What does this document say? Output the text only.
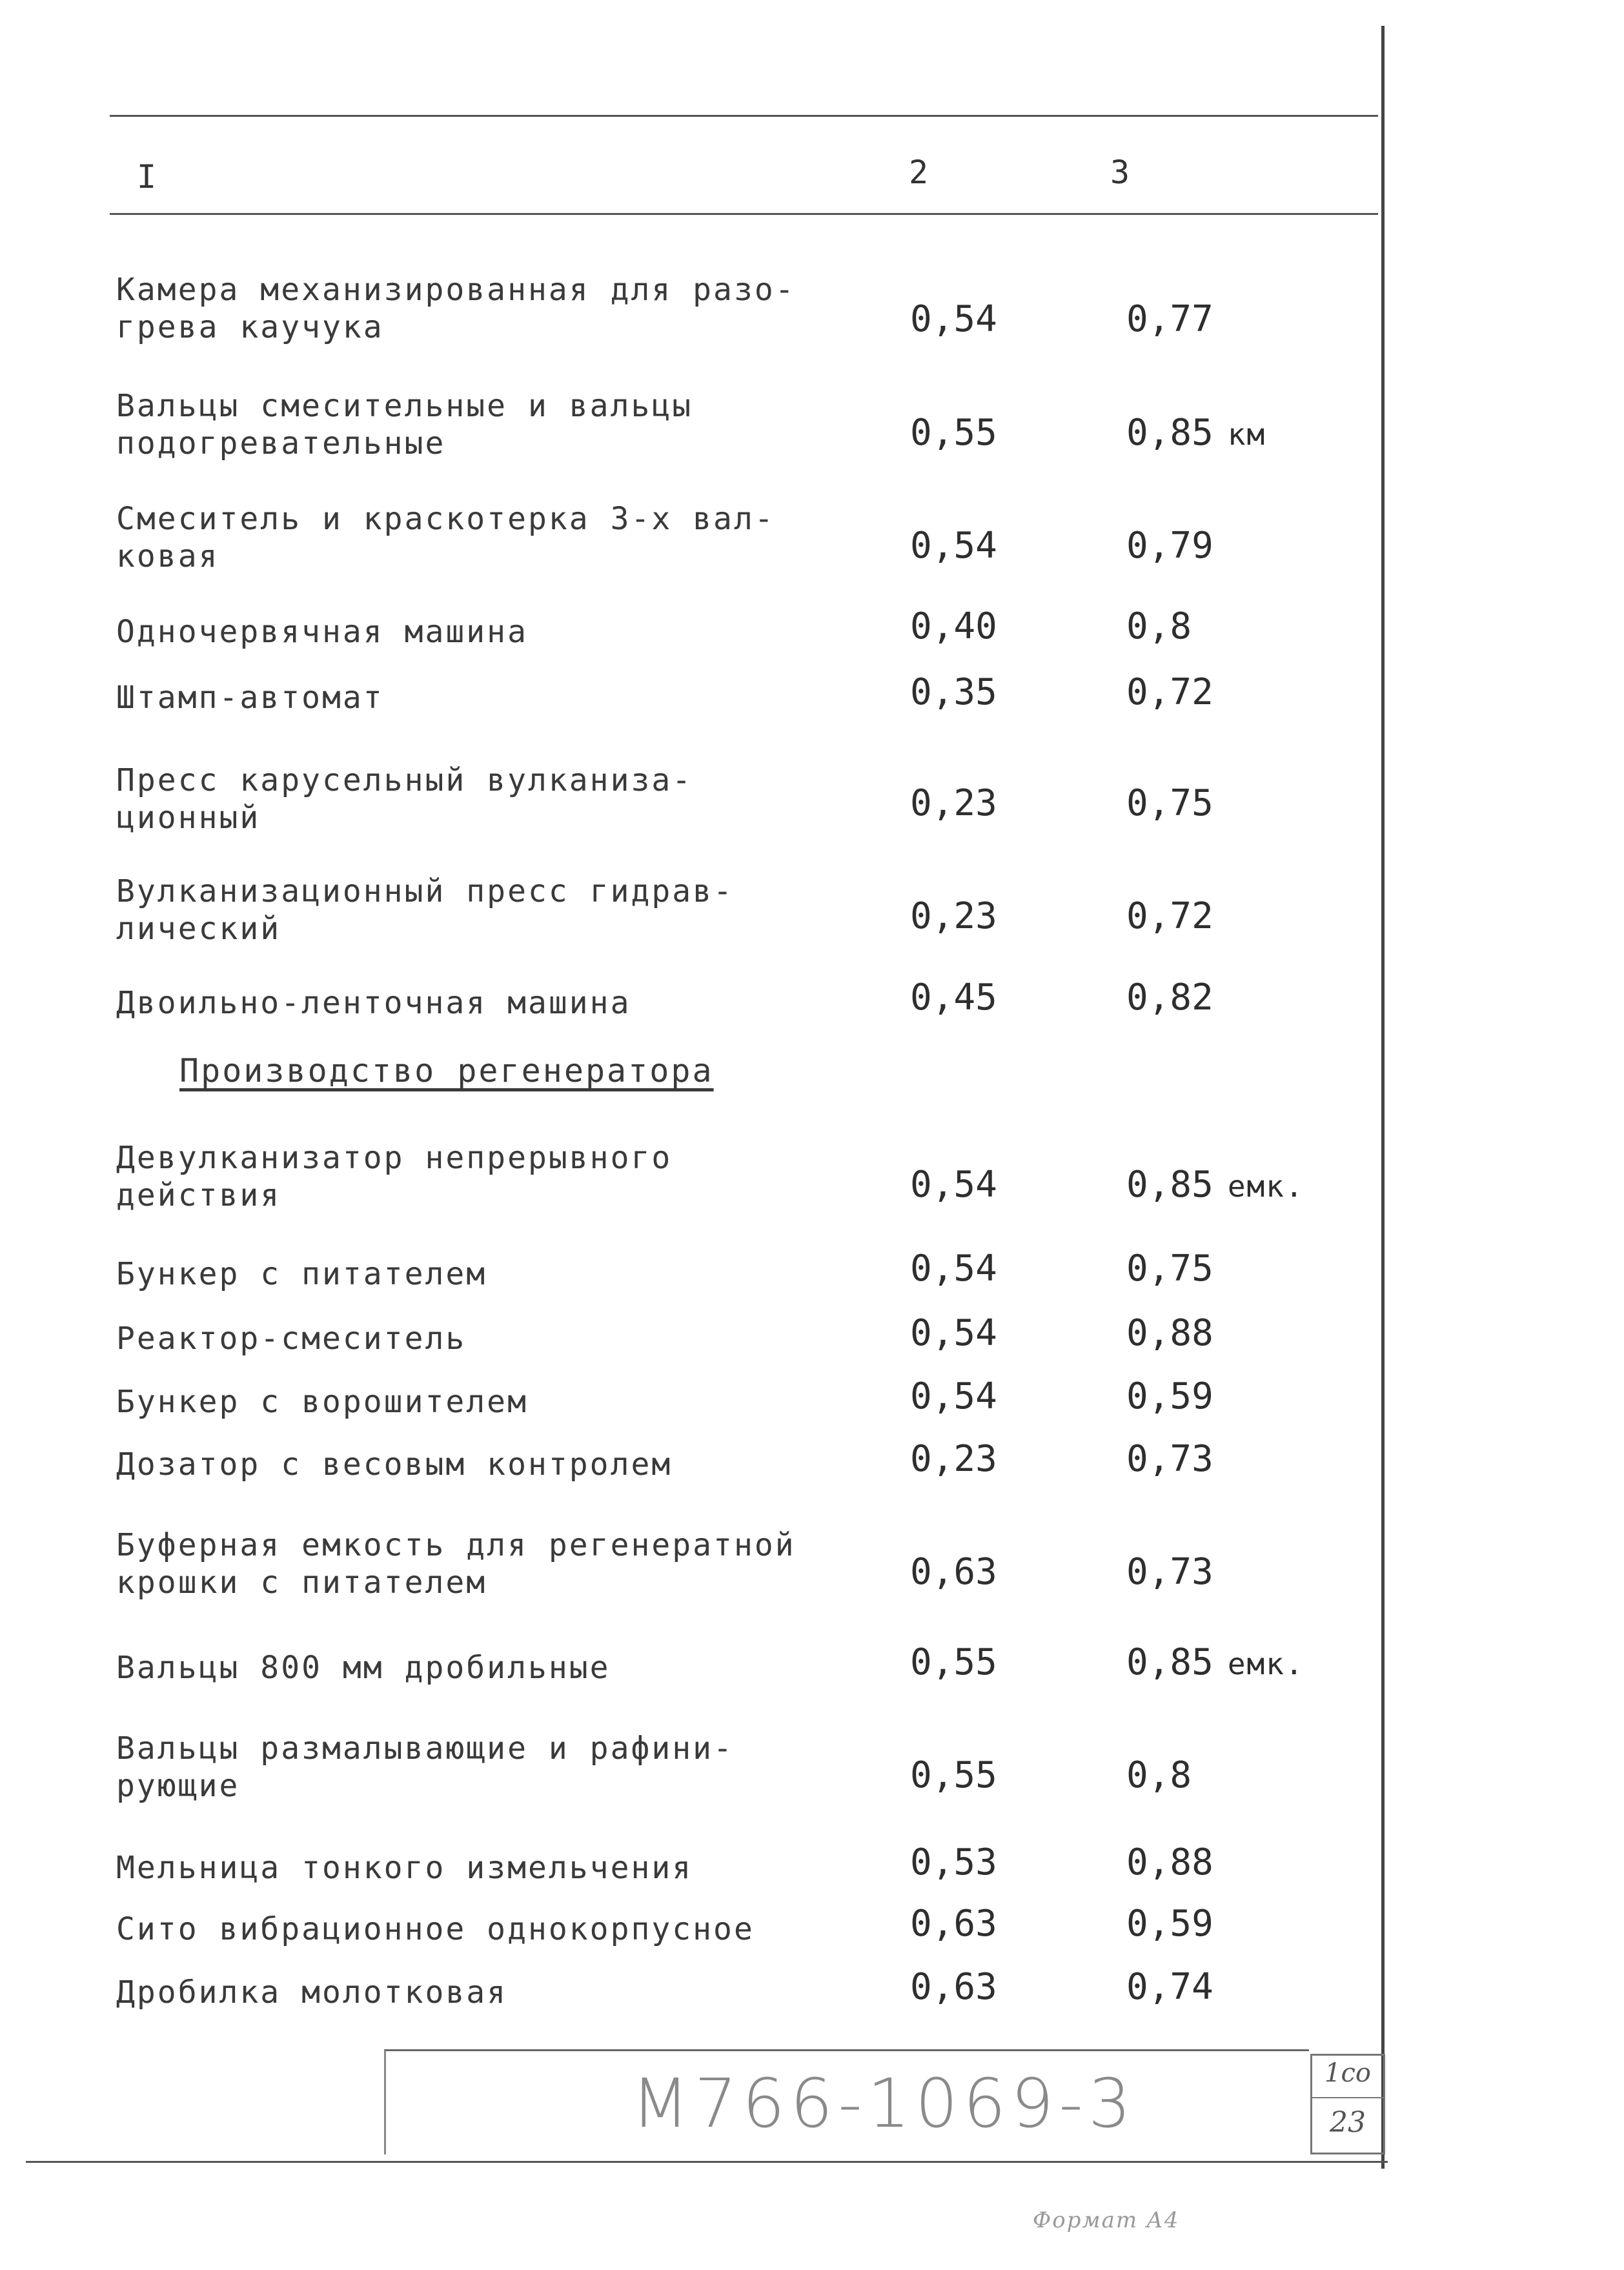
I	2	3
Камера механизированная для разо-
грева каучука	0,54	0,77
Вальцы смесительные и вальцы
подогревательные	0,55	0,85 км
Смеситель и краскотерка 3-х вал-
ковая	0,54	0,79
Одночервячная машина	0,40	0,8
Штамп-автомат	0,35	0,72
Пресс карусельный вулканиза-
ционный	0,23	0,75
Вулканизационный пресс гидрав-
лический	0,23	0,72
Двоильно-ленточная машина	0,45	0,82
Производство регенератора
Девулканизатор непрерывного
действия	0,54	0,85 емк.
Бункер с питателем	0,54	0,75
Реактор-смеситель	0,54	0,88
Бункер с ворошителем	0,54	0,59
Дозатор с весовым контролем	0,23	0,73
Буферная емкость для регенератной
крошки с питателем	0,63	0,73
Вальцы 800 мм дробильные	0,55	0,85 емк.
Вальцы размалывающие и рафини-
рующие	0,55	0,8
Мельница тонкого измельчения	0,53	0,88
Сито вибрационное однокорпусное	0,63	0,59
Дробилка молотковая	0,63	0,74
М766-1069-3	1со
23
Формат А4
